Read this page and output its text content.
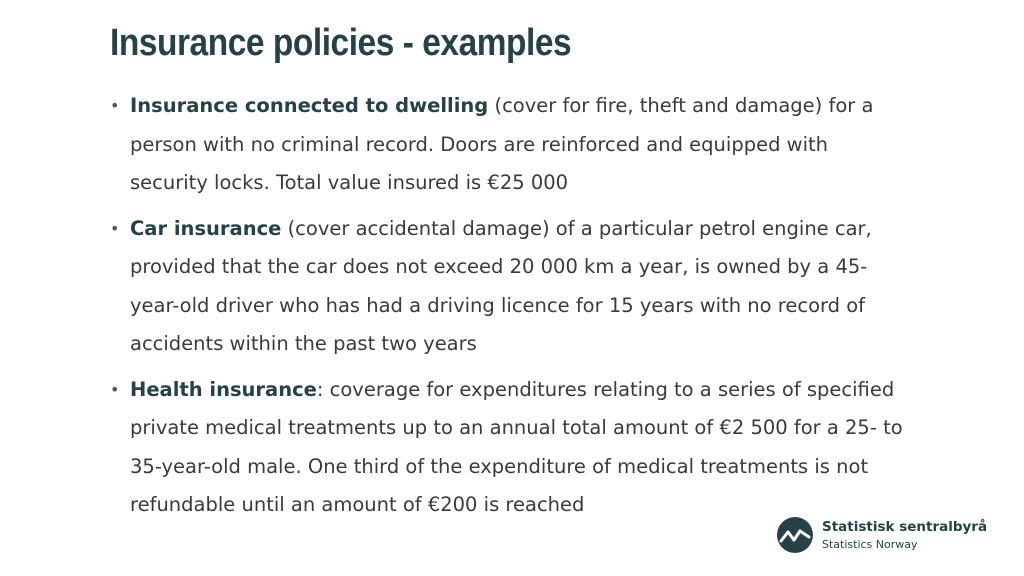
Insurance policies - examples
• Insurance connected to dwelling (cover for fire, theft and damage) for a person with no criminal record. Doors are reinforced and equipped with security locks. Total value insured is €25 000
• Car insurance (cover accidental damage) of a particular petrol engine car, provided that the car does not exceed 20 000 km a year, is owned by a 45-year-old driver who has had a driving licence for 15 years with no record of accidents within the past two years
• Health insurance: coverage for expenditures relating to a series of specified private medical treatments up to an annual total amount of €2 500 for a 25- to 35-year-old male. One third of the expenditure of medical treatments is not refundable until an amount of €200 is reached
Statistisk sentralbyrå
Statistics Norway
